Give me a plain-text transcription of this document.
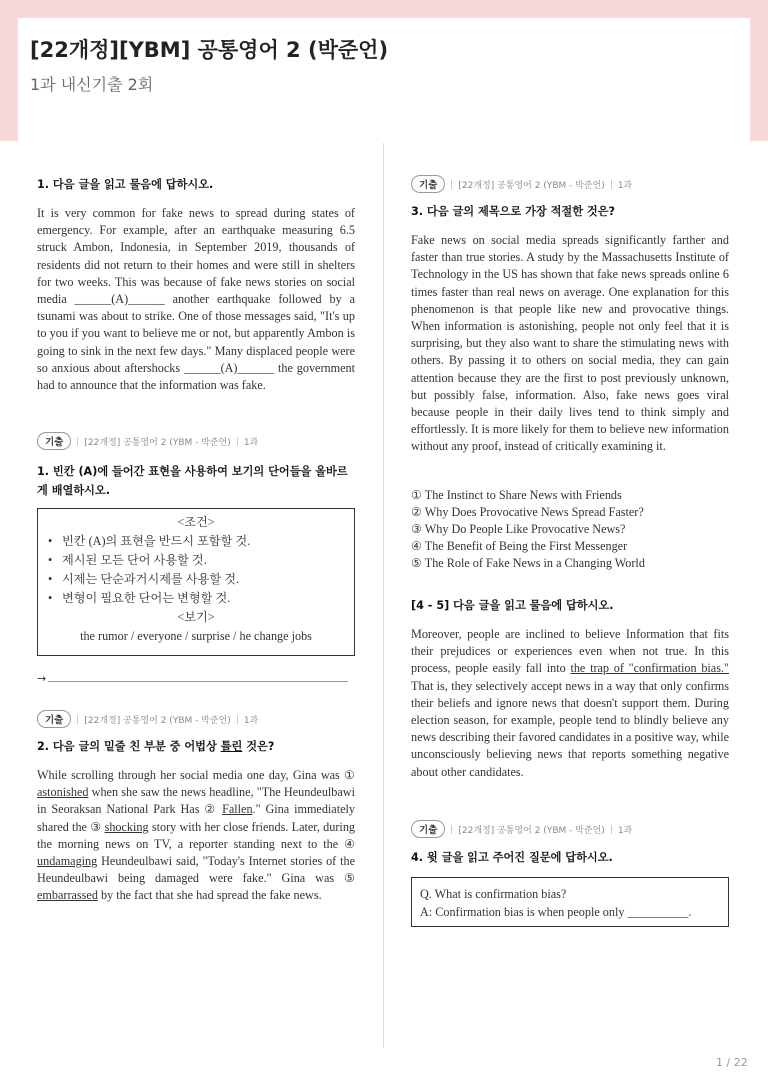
[22개정][YBM] 공통영어 2 (박준언)
1과 내신기출 2회
1. 다음 글을 읽고 물음에 답하시오.

It is very common for fake news to spread during states of emergency. For example, after an earthquake measuring 6.5 struck Ambon, Indonesia, in September 2019, thousands of residents did not return to their homes and were still in shelters for two weeks. This was because of fake news stories on social media ______(A)______ another earthquake followed by a tsunami was about to strike. One of those messages said, "It's up to you if you want to believe me or not, but apparently Ambon is going to sink in the next few days." Many displaced people were so anxious about aftershocks ______(A)______ the government had to announce that the information was fake.

기출	[22개정] 공통영어 2 (YBM - 박준언) 1과
1. 빈칸 (A)에 들어간 표현을 사용하여 보기의 단어들을 올바르게 배열하시오.
<조건>
• 빈칸 (A)의 표현을 반드시 포함할 것.
• 제시된 모든 단어 사용할 것.
• 시제는 단순과거시제를 사용할 것.
• 변형이 필요한 단어는 변형할 것.
<보기>
the rumor / everyone / surprise / he change jobs
→
기출	[22개정] 공통영어 2 (YBM - 박준언) 1과
2. 다음 글의 밑줄 친 부분 중 어법상 틀린 것은?

While scrolling through her social media one day, Gina was ① astonished when she saw the news headline, "The Heundeulbawi in Seoraksan National Park Has ② Fallen." Gina immediately shared the ③ shocking story with her close friends. Later, during the morning news on TV, a reporter standing next to the ④ undamaging Heundeulbawi said, "Today's Internet stories of the Heundeulbawi being damaged were fake." Gina was ⑤ embarrassed by the fact that she had spread the fake news.

기출	[22개정] 공통영어 2 (YBM - 박준언) 1과
3. 다음 글의 제목으로 가장 적절한 것은?

Fake news on social media spreads significantly farther and faster than true stories. A study by the Massachusetts Institute of Technology in the US has shown that fake news spreads online 6 times faster than real news on average. One explanation for this phenomenon is that people like new and provocative things. When information is astonishing, people not only feel that it is surprising, but they also want to share the stimulating news with others. By passing it to others on social media, they can gain attention because they are the first to post previously unknown, but possibly false, information. Also, fake news goes viral because people in their daily lives tend to think simply and effortlessly. It is more likely for them to believe new information without any proof, instead of critically examining it.

① The Instinct to Share News with Friends
② Why Does Provocative News Spread Faster?
③ Why Do People Like Provocative News?
④ The Benefit of Being the First Messenger
⑤ The Role of Fake News in a Changing World
[4 - 5] 다음 글을 읽고 물음에 답하시오.

Moreover, people are inclined to believe Information that fits their prejudices or experiences even when not true. In this process, people easily fall into the trap of "confirmation bias." That is, they selectively accept news in a way that only confirms their beliefs and ignore news that doesn't support them. During election season, for example, people tend to blindly believe any news describing their favored candidates in a positive way, while unconsciously believing news that reports something negative about other candidates.

기출	[22개정] 공통영어 2 (YBM - 박준언) 1과
4. 윗 글을 읽고 주어진 질문에 답하시오.
Q. What is confirmation bias?
A: Confirmation bias is when people only __________.
1 / 22
